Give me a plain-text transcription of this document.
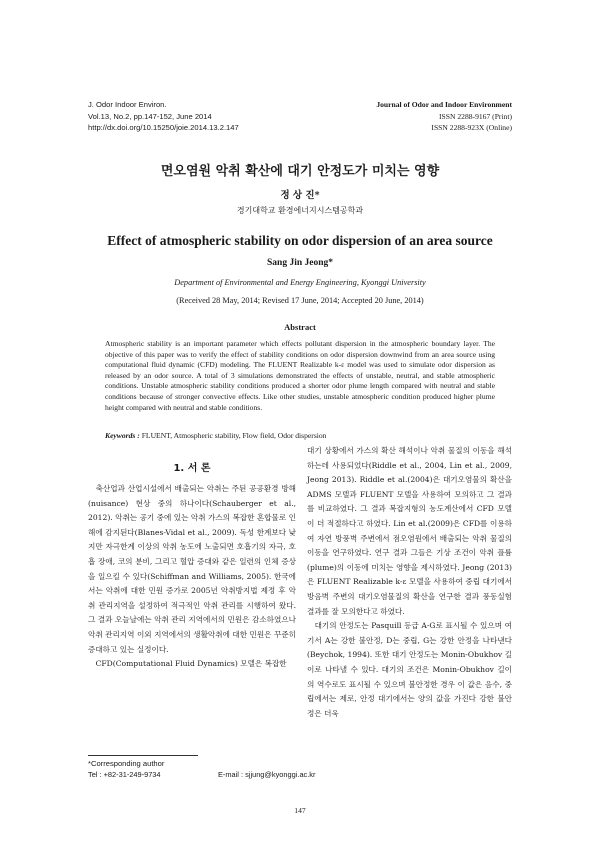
J. Odor Indoor Environ.
Vol.13, No.2, pp.147-152, June 2014
http://dx.doi.org/10.15250/joie.2014.13.2.147
Journal of Odor and Indoor Environment
ISSN 2288-9167 (Print)
ISSN 2288-923X (Online)
면오염원 악취 확산에 대기 안정도가 미치는 영향
정 상 진*
경기대학교 환경에너지시스템공학과
Effect of atmospheric stability on odor dispersion of an area source
Sang Jin Jeong*
Department of Environmental and Energy Engineering, Kyonggi University
(Received 28 May, 2014; Revised 17 June, 2014; Accepted 20 June, 2014)
Abstract
Atmospheric stability is an important parameter which effects pollutant dispersion in the atmospheric boundary layer. The objective of this paper was to verify the effect of stability conditions on odor dispersion downwind from an area source using computational fluid dynamic (CFD) modeling. The FLUENT Realizable k-ε model was used to simulate odor dispersion as released by an odor source. A total of 3 simulations demonstrated the effects of unstable, neutral, and stable atmospheric conditions. Unstable atmospheric stability conditions produced a shorter odor plume length compared with neutral and stable conditions because of stronger convective effects. Like other studies, unstable atmospheric condition produced higher plume height compared with neutral and stable conditions.
Keywords : FLUENT, Atmospheric stability, Flow field, Odor dispersion
1. 서 론

축산업과 산업시설에서 배출되는 악취는 주된 공공환경 방해(nuisance) 현상 중의 하나이다(Schauberger et al., 2012). 악취는 공기 중에 있는 악취 가스의 복잡한 혼합물로 인해에 감지된다(Blanes-Vidal et al., 2009). 독성 한계보다 낮지만 자극한계 이상의 악취 농도에 노출되면 호흡기의 자극, 호흡 장애, 코의 분비, 그리고 혈압 증대와 같은 일련의 인체 증상을 일으킬 수 있다(Schiffman and Williams, 2005). 한국에서는 악취에 대한 민원 증가로 2005년 악취방지법 제정 후 악취 관리지역을 설정하여 적극적인 악취 관리를 시행하여 왔다. 그 결과 오늘날에는 악취 관리 지역에서의 민원은 감소하였으나 악취 관리지역 이외 지역에서의 생활악취에 대한 민원은 꾸준히 증대하고 있는 실정이다.

CFD(Computational Fluid Dynamics) 모델은 복잡한

대기 상황에서 가스의 확산 해석이나 악취 물질의 이동을 해석하는데 사용되었다(Riddle et al., 2004, Lin et al., 2009, Jeong 2013). Riddle et al.(2004)은 대기오염물의 확산을 ADMS 모델과 FLUENT 모델을 사용하여 모의하고 그 결과를 비교하였다. 그 결과 복잡지형의 농도계산에서 CFD 모델이 더 적절하다고 하였다. Lin et al.(2009)은 CFD를 이용하여 자연 방풍벽 주변에서 점오염원에서 배출되는 악취 물질의 이동을 연구하였다. 연구 결과 그들은 기상 조건이 악취 플륨(plume)의 이동에 미치는 영향을 제시하였다. Jeong (2013)은 FLUENT Realizable k-ε 모델을 사용하여 중립 대기에서 방음벽 주변의 대기오염물질의 확산을 연구한 결과 풍동실험 결과를 잘 모의한다고 하였다.

대기의 안정도는 Pasquill 등급 A-G로 표시될 수 있으며 여기서 A는 강한 불안정, D는 중립, G는 강한 안정을 나타낸다(Beychok, 1994). 또한 대기 안정도는 Monin-Obukhov 길이로 나타낼 수 있다. 대기의 조건은 Monin-Obukhov 길이의 역수로도 표시될 수 있으며 불안정한 경우 이 값은 음수, 중립에서는 제로, 안정 대기에서는 양의 값을 가진다 강한 불안정은 더욱

*Corresponding author
Tel : +82-31-249-9734	E-mail : sjjung@kyonggi.ac.kr
147
